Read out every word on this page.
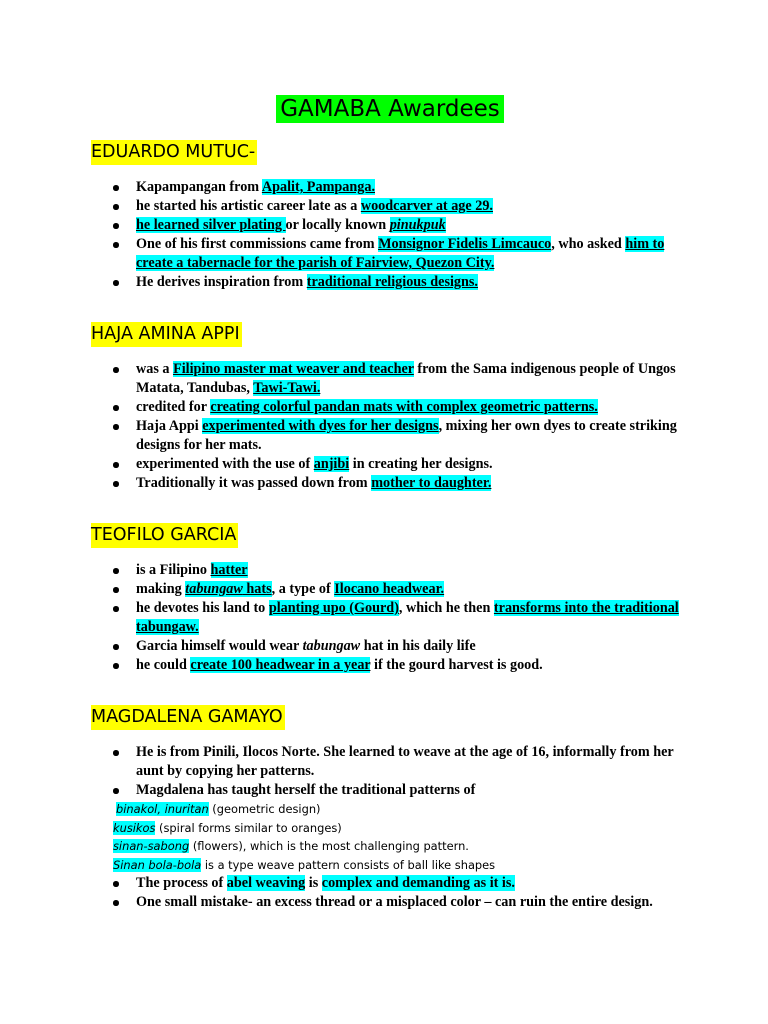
GAMABA Awardees
EDUARDO MUTUC-
Kapampangan from Apalit, Pampanga.
he started his artistic career late as a woodcarver at age 29.
he learned silver plating or locally known pinukpuk
One of his first commissions came from Monsignor Fidelis Limcauco, who asked him to create a tabernacle for the parish of Fairview, Quezon City.
He derives inspiration from traditional religious designs.
HAJA AMINA APPI
was a Filipino master mat weaver and teacher from the Sama indigenous people of Ungos Matata, Tandubas, Tawi-Tawi.
credited for creating colorful pandan mats with complex geometric patterns.
Haja Appi experimented with dyes for her designs, mixing her own dyes to create striking designs for her mats.
experimented with the use of anjibi in creating her designs.
Traditionally it was passed down from mother to daughter.
TEOFILO GARCIA
is a Filipino hatter
making tabungaw hats, a type of Ilocano headwear.
he devotes his land to planting upo (Gourd), which he then transforms into the traditional tabungaw.
Garcia himself would wear tabungaw hat in his daily life
he could create 100 headwear in a year if the gourd harvest is good.
MAGDALENA GAMAYO
He is from Pinili, Ilocos Norte. She learned to weave at the age of 16, informally from her aunt by copying her patterns.
Magdalena has taught herself the traditional patterns of
binakol, inuritan (geometric design)
kusikos (spiral forms similar to oranges)
sinan-sabong (flowers), which is the most challenging pattern.
Sinan bola-bola is a type weave pattern consists of ball like shapes
The process of abel weaving is complex and demanding as it is.
One small mistake- an excess thread or a misplaced color – can ruin the entire design.
